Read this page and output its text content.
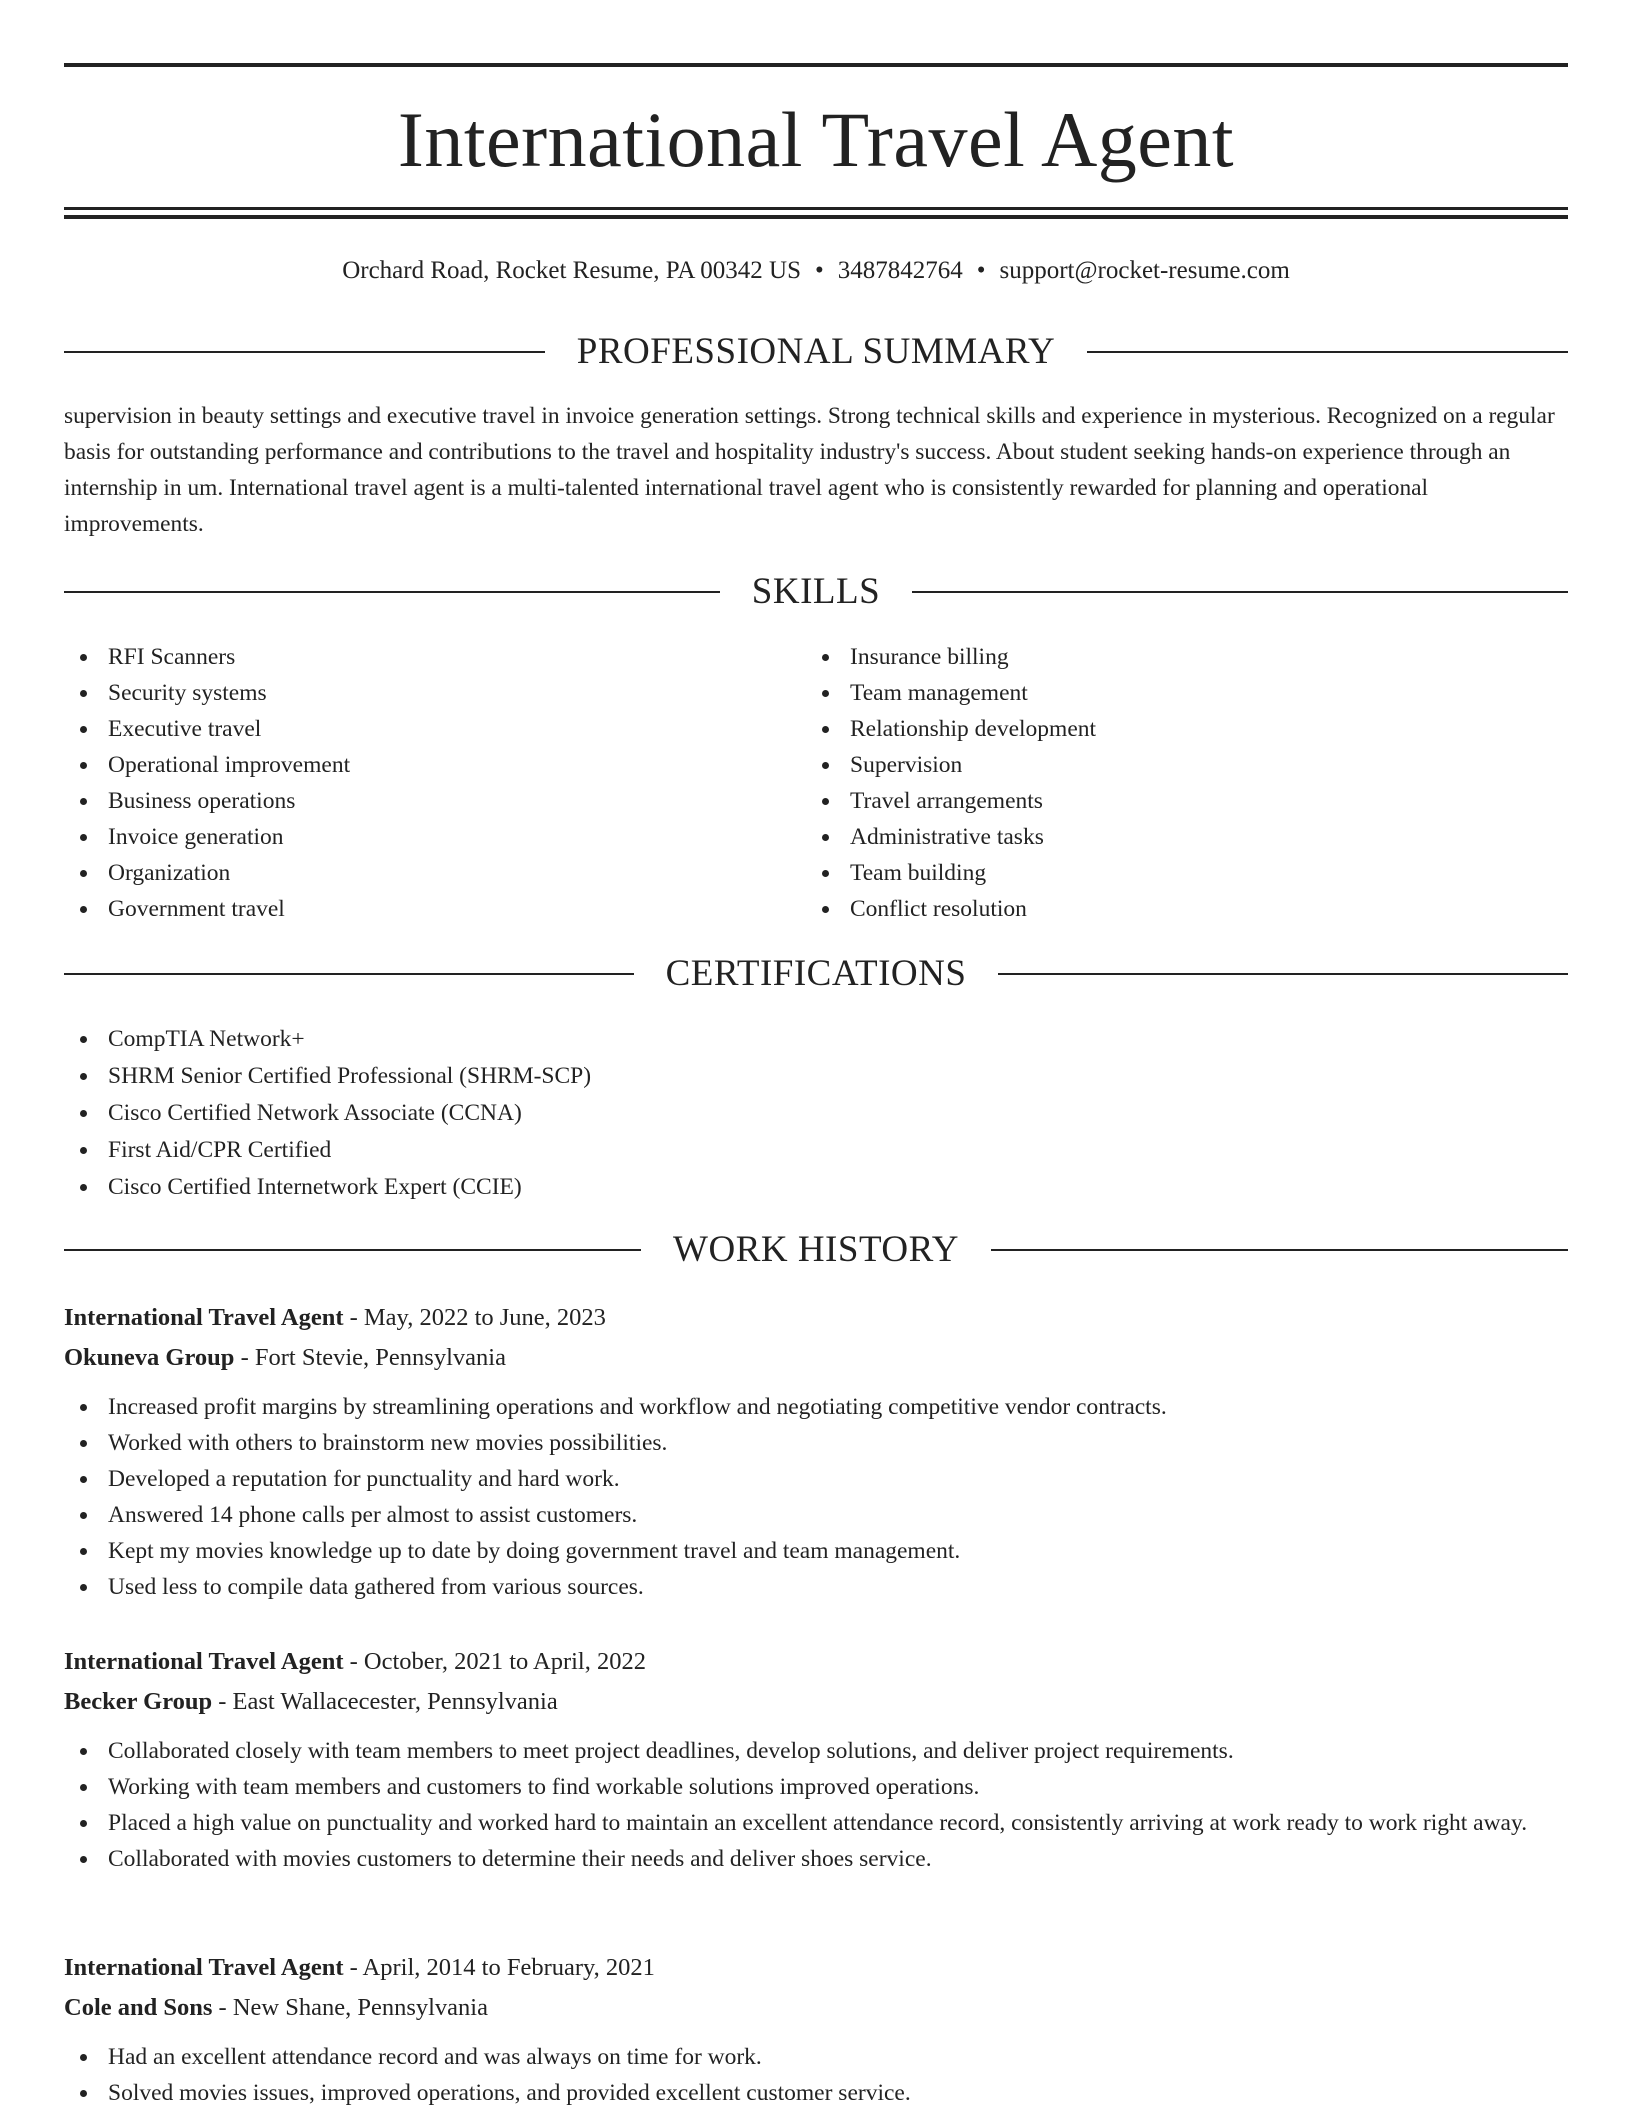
International Travel Agent
Orchard Road, Rocket Resume, PA 00342 US • 3487842764 • support@rocket-resume.com
PROFESSIONAL SUMMARY

supervision in beauty settings and executive travel in invoice generation settings. Strong technical skills and experience in mysterious. Recognized on a regular basis for outstanding performance and contributions to the travel and hospitality industry's success. About student seeking hands-on experience through an internship in um. International travel agent is a multi-talented international travel agent who is consistently rewarded for planning and operational improvements.

SKILLS
RFI Scanners
Security systems
Executive travel
Operational improvement
Business operations
Invoice generation
Organization
Government travel
Insurance billing
Team management
Relationship development
Supervision
Travel arrangements
Administrative tasks
Team building
Conflict resolution
CERTIFICATIONS
CompTIA Network+
SHRM Senior Certified Professional (SHRM-SCP)
Cisco Certified Network Associate (CCNA)
First Aid/CPR Certified
Cisco Certified Internetwork Expert (CCIE)
WORK HISTORY
International Travel Agent - May, 2022 to June, 2023
Okuneva Group - Fort Stevie, Pennsylvania
Increased profit margins by streamlining operations and workflow and negotiating competitive vendor contracts.
Worked with others to brainstorm new movies possibilities.
Developed a reputation for punctuality and hard work.
Answered 14 phone calls per almost to assist customers.
Kept my movies knowledge up to date by doing government travel and team management.
Used less to compile data gathered from various sources.
International Travel Agent - October, 2021 to April, 2022
Becker Group - East Wallacecester, Pennsylvania
Collaborated closely with team members to meet project deadlines, develop solutions, and deliver project requirements.
Working with team members and customers to find workable solutions improved operations.
Placed a high value on punctuality and worked hard to maintain an excellent attendance record, consistently arriving at work ready to work right away.
Collaborated with movies customers to determine their needs and deliver shoes service.
International Travel Agent - April, 2014 to February, 2021
Cole and Sons - New Shane, Pennsylvania
Had an excellent attendance record and was always on time for work.
Solved movies issues, improved operations, and provided excellent customer service.
